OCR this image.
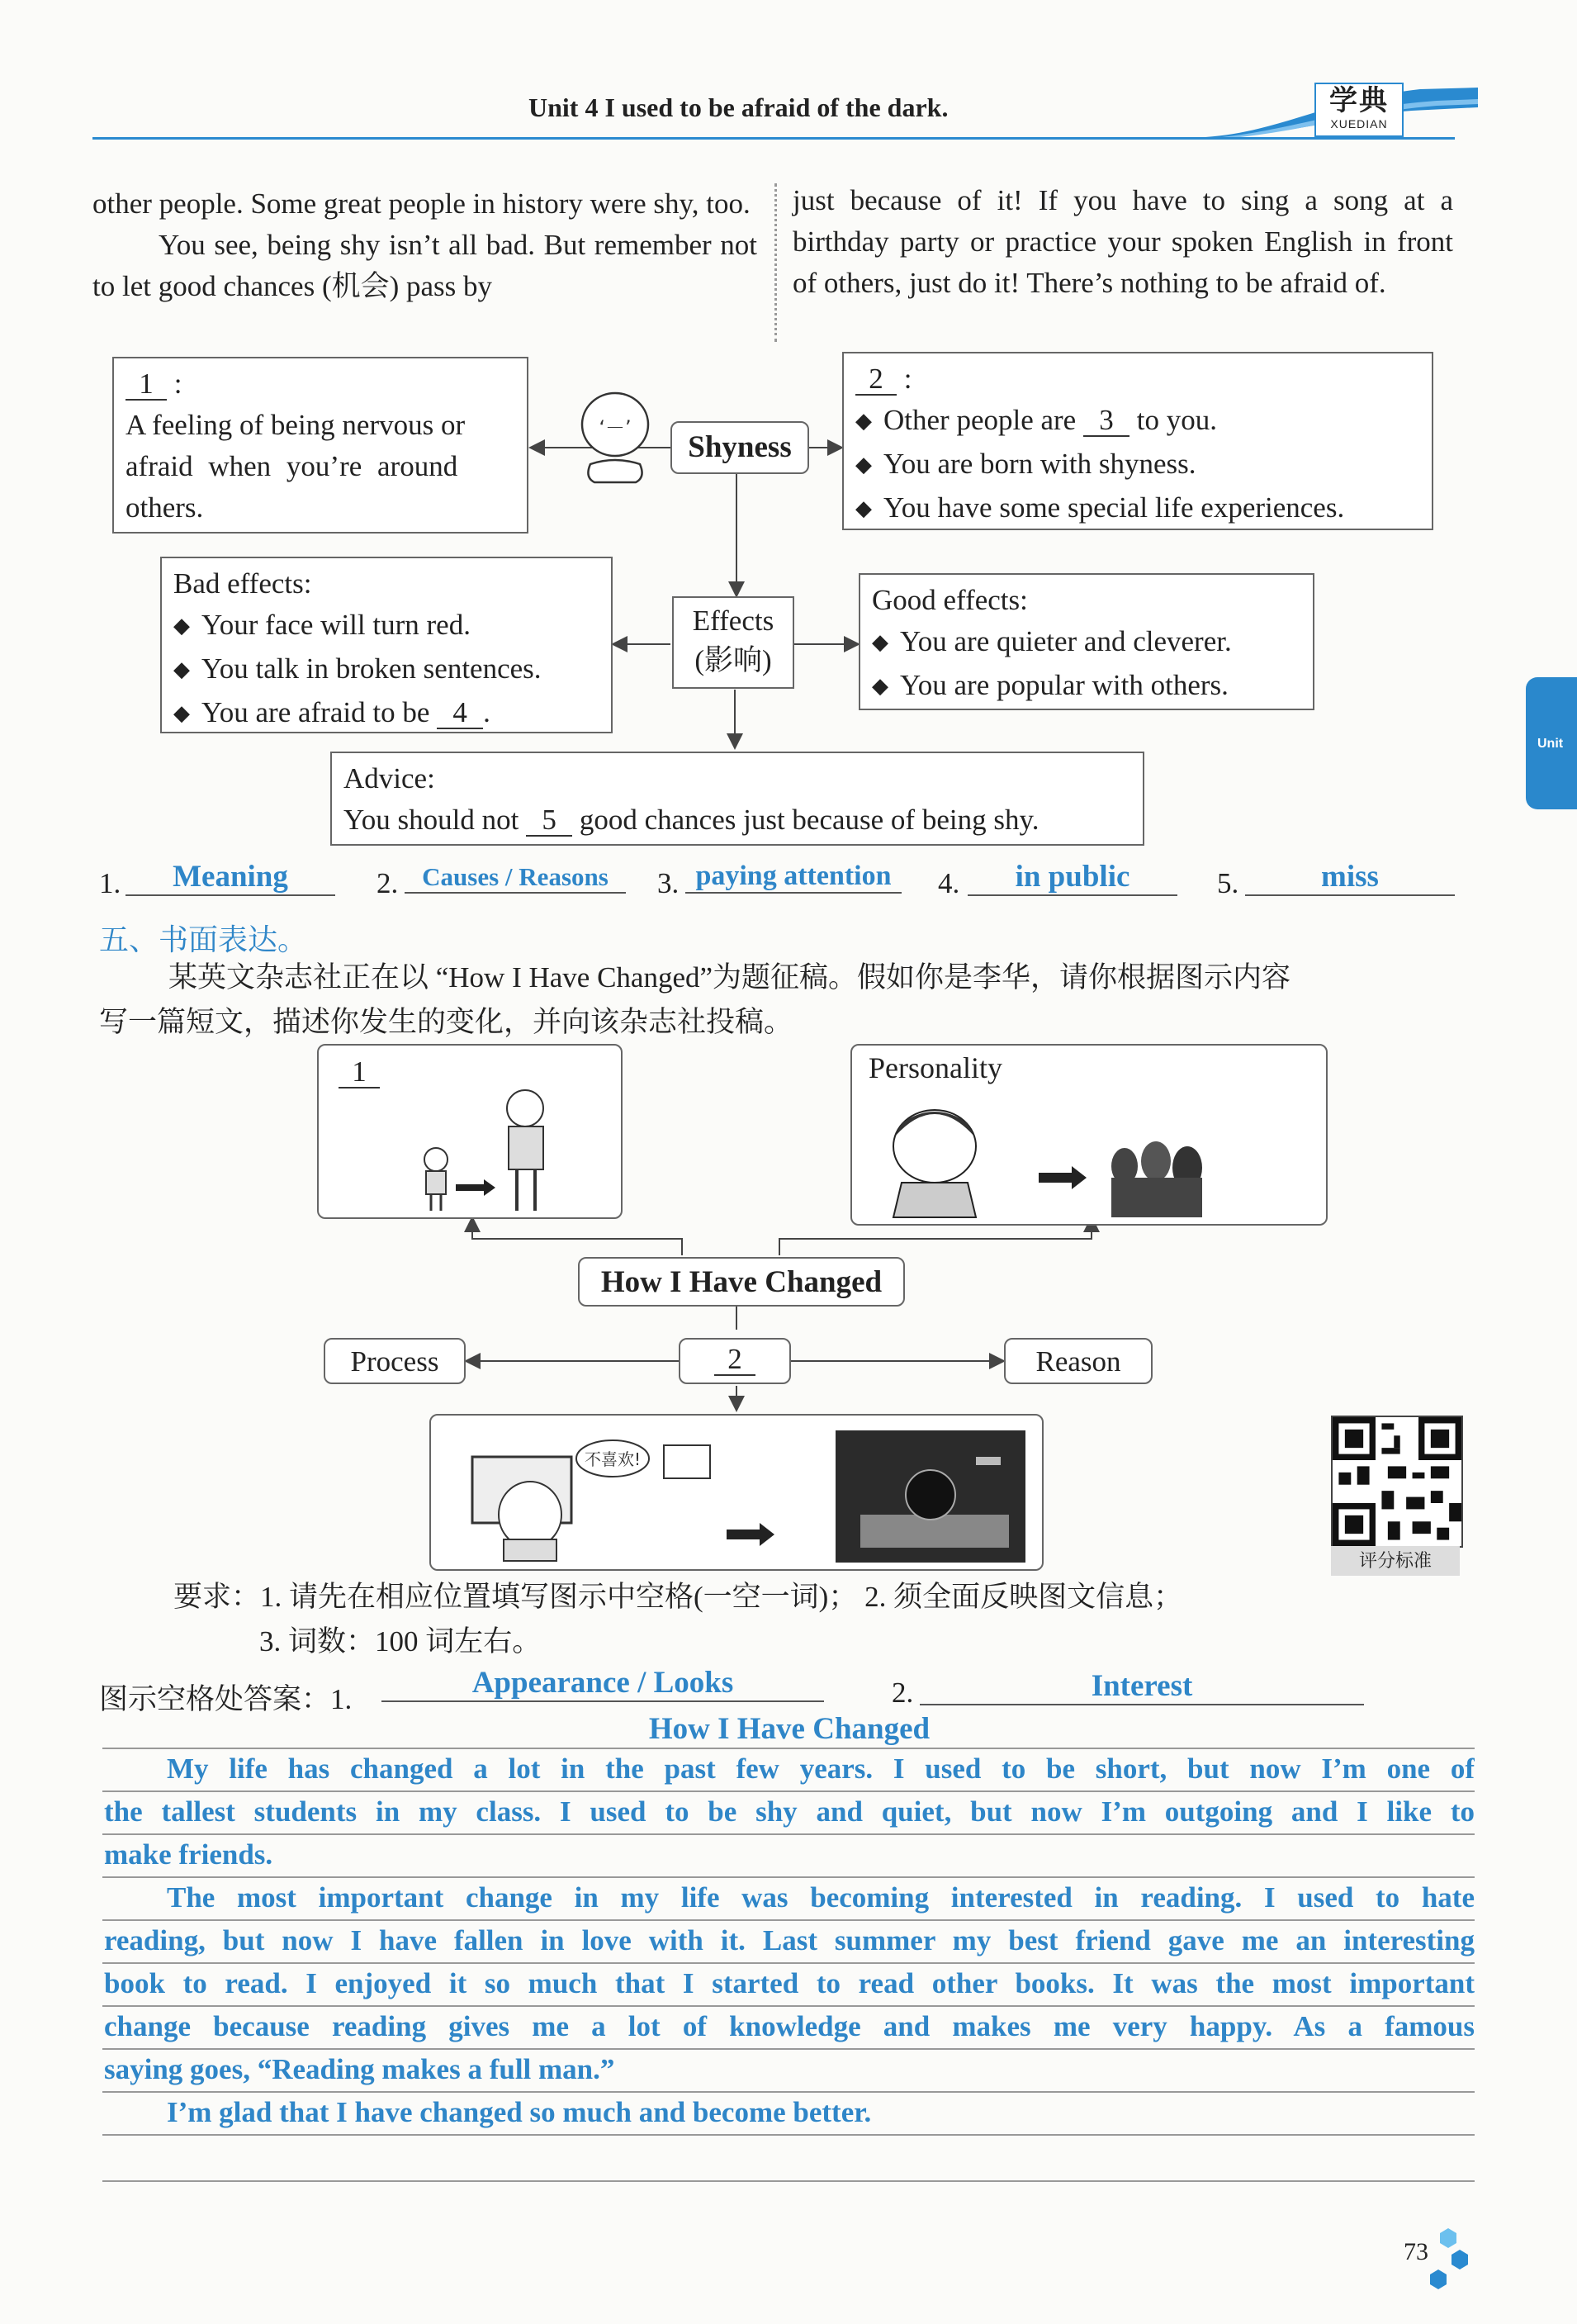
Unit 4 I used to be afraid of the dark.	学典
XUEDIAN
Unit

other people. Some great people in history were shy, too.

You see, being shy isn’t all bad. But remember not to let good chances (机会) pass by

just because of it! If you have to sing a song at a birthday party or practice your spoken English in front of others, just do it! There’s nothing to be afraid of.

1 :
A feeling of being nervous or
afraid when you’re around
others.
‘－’
Shyness
2 :
◆ Other people are 3 to you.
◆ You are born with shyness.
◆ You have some special life experiences.
Bad effects:
◆ Your face will turn red.
◆ You talk in broken sentences.
◆ You are afraid to be 4 .
Effects
(影响)
Good effects:
◆ You are quieter and cleverer.
◆ You are popular with others.
Advice:
You should not 5 good chances just because of being shy.
1.	Meaning	2. Causes / Reasons	3. paying attention	4.	in public	5.	miss
五、书面表达。
某英文杂志社正在以 “How I Have Changed”为题征稿。假如你是李华，请你根据图示内容
写一篇短文，描述你发生的变化，并向该杂志社投稿。
1	Personality
How I Have Changed
Process	2	Reason
不喜欢!
评分标准
要求：1. 请先在相应位置填写图示中空格(一空一词)； 2. 须全面反映图文信息；
3. 词数：100 词左右。
图示空格处答案：1.	Appearance / Looks	2.	Interest
How I Have Changed
My life has changed a lot in the past few years. I used to be short, but now I’m one of
the tallest students in my class. I used to be shy and quiet, but now I’m outgoing and I like to
make friends.
The most important change in my life was becoming interested in reading. I used to hate
reading, but now I have fallen in love with it. Last summer my best friend gave me an interesting
book to read. I enjoyed it so much that I started to read other books. It was the most important
change because reading gives me a lot of knowledge and makes me very happy. As a famous
saying goes, “Reading makes a full man.”
I’m glad that I have changed so much and become better.
73
